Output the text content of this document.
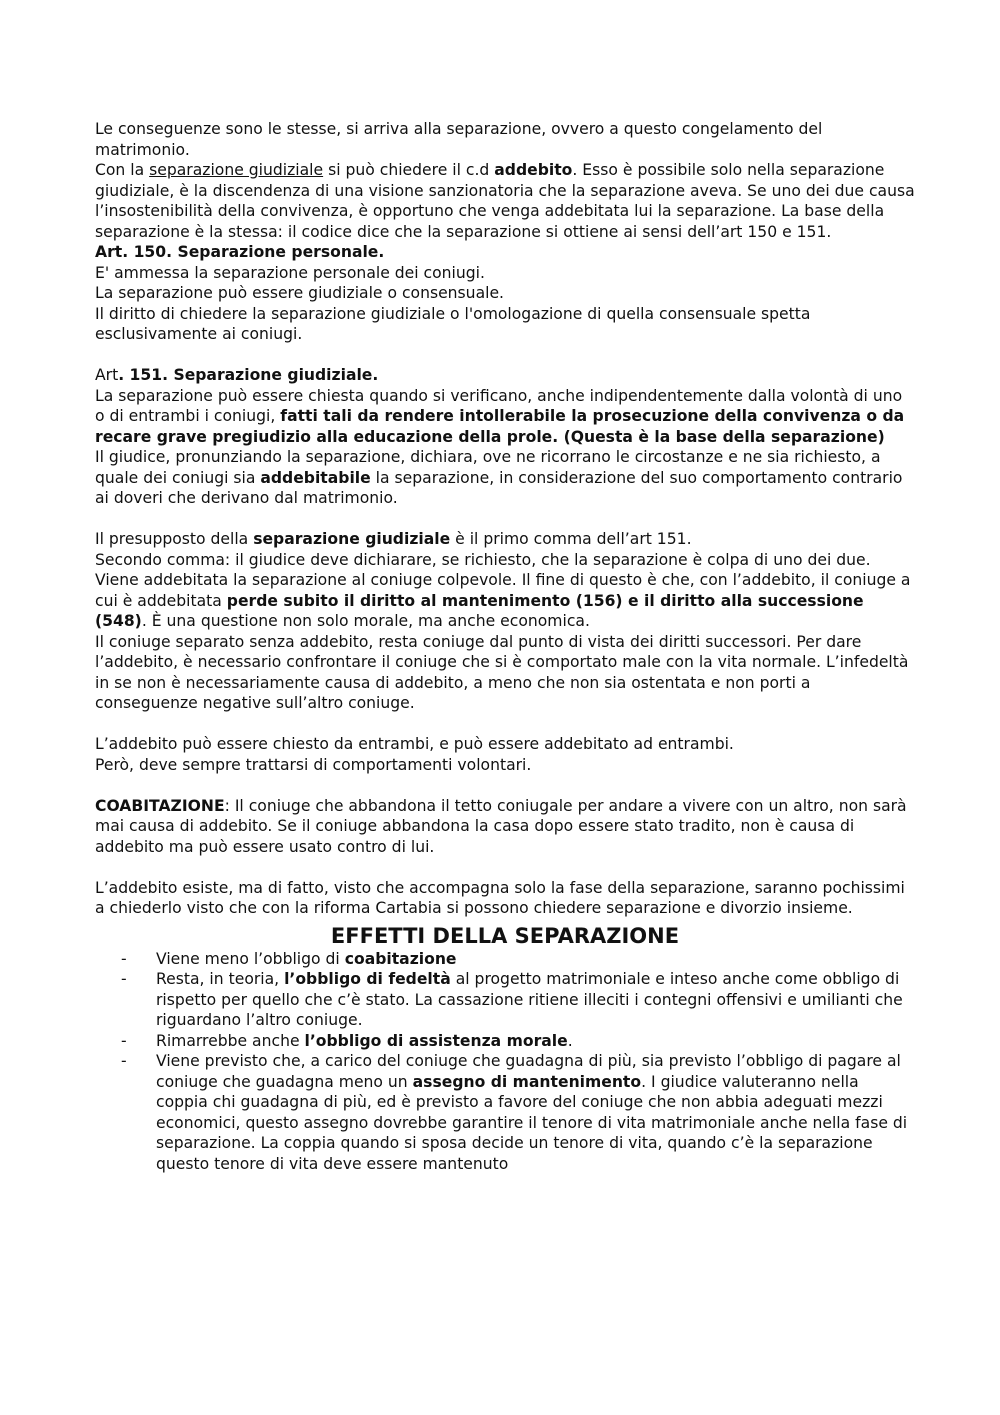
Le conseguenze sono le stesse, si arriva alla separazione, ovvero a questo congelamento del matrimonio.

Con la separazione giudiziale si può chiedere il c.d addebito. Esso è possibile solo nella separazione giudiziale, è la discendenza di una visione sanzionatoria che la separazione aveva. Se uno dei due causa l’insostenibilità della convivenza, è opportuno che venga addebitata lui la separazione. La base della separazione è la stessa: il codice dice che la separazione si ottiene ai sensi dell’art 150 e 151.

Art. 150. Separazione personale.

E' ammessa la separazione personale dei coniugi.

La separazione può essere giudiziale o consensuale.

Il diritto di chiedere la separazione giudiziale o l'omologazione di quella consensuale spetta esclusivamente ai coniugi.

Art. 151. Separazione giudiziale.

La separazione può essere chiesta quando si verificano, anche indipendentemente dalla volontà di uno o di entrambi i coniugi, fatti tali da rendere intollerabile la prosecuzione della convivenza o da recare grave pregiudizio alla educazione della prole. (Questa è la base della separazione)

Il giudice, pronunziando la separazione, dichiara, ove ne ricorrano le circostanze e ne sia richiesto, a quale dei coniugi sia addebitabile la separazione, in considerazione del suo comportamento contrario ai doveri che derivano dal matrimonio.

Il presupposto della separazione giudiziale è il primo comma dell’art 151.

Secondo comma: il giudice deve dichiarare, se richiesto, che la separazione è colpa di uno dei due. Viene addebitata la separazione al coniuge colpevole. Il fine di questo è che, con l’addebito, il coniuge a cui è addebitata perde subito il diritto al mantenimento (156) e il diritto alla successione (548). È una questione non solo morale, ma anche economica.

Il coniuge separato senza addebito, resta coniuge dal punto di vista dei diritti successori. Per dare l’addebito, è necessario confrontare il coniuge che si è comportato male con la vita normale. L’infedeltà in se non è necessariamente causa di addebito, a meno che non sia ostentata e non porti a conseguenze negative sull’altro coniuge.

L’addebito può essere chiesto da entrambi, e può essere addebitato ad entrambi.

Però, deve sempre trattarsi di comportamenti volontari.

COABITAZIONE: Il coniuge che abbandona il tetto coniugale per andare a vivere con un altro, non sarà mai causa di addebito. Se il coniuge abbandona la casa dopo essere stato tradito, non è causa di addebito ma può essere usato contro di lui.

L’addebito esiste, ma di fatto, visto che accompagna solo la fase della separazione, saranno pochissimi a chiederlo visto che con la riforma Cartabia si possono chiedere separazione e divorzio insieme.

EFFETTI DELLA SEPARAZIONE
- Viene meno l’obbligo di coabitazione
- Resta, in teoria, l’obbligo di fedeltà al progetto matrimoniale e inteso anche come obbligo di rispetto per quello che c’è stato. La cassazione ritiene illeciti i contegni offensivi e umilianti che riguardano l’altro coniuge.
- Rimarrebbe anche l’obbligo di assistenza morale.
- Viene previsto che, a carico del coniuge che guadagna di più, sia previsto l’obbligo di pagare al coniuge che guadagna meno un assegno di mantenimento. I giudice valuteranno nella coppia chi guadagna di più, ed è previsto a favore del coniuge che non abbia adeguati mezzi economici, questo assegno dovrebbe garantire il tenore di vita matrimoniale anche nella fase di separazione. La coppia quando si sposa decide un tenore di vita, quando c’è la separazione questo tenore di vita deve essere mantenuto
